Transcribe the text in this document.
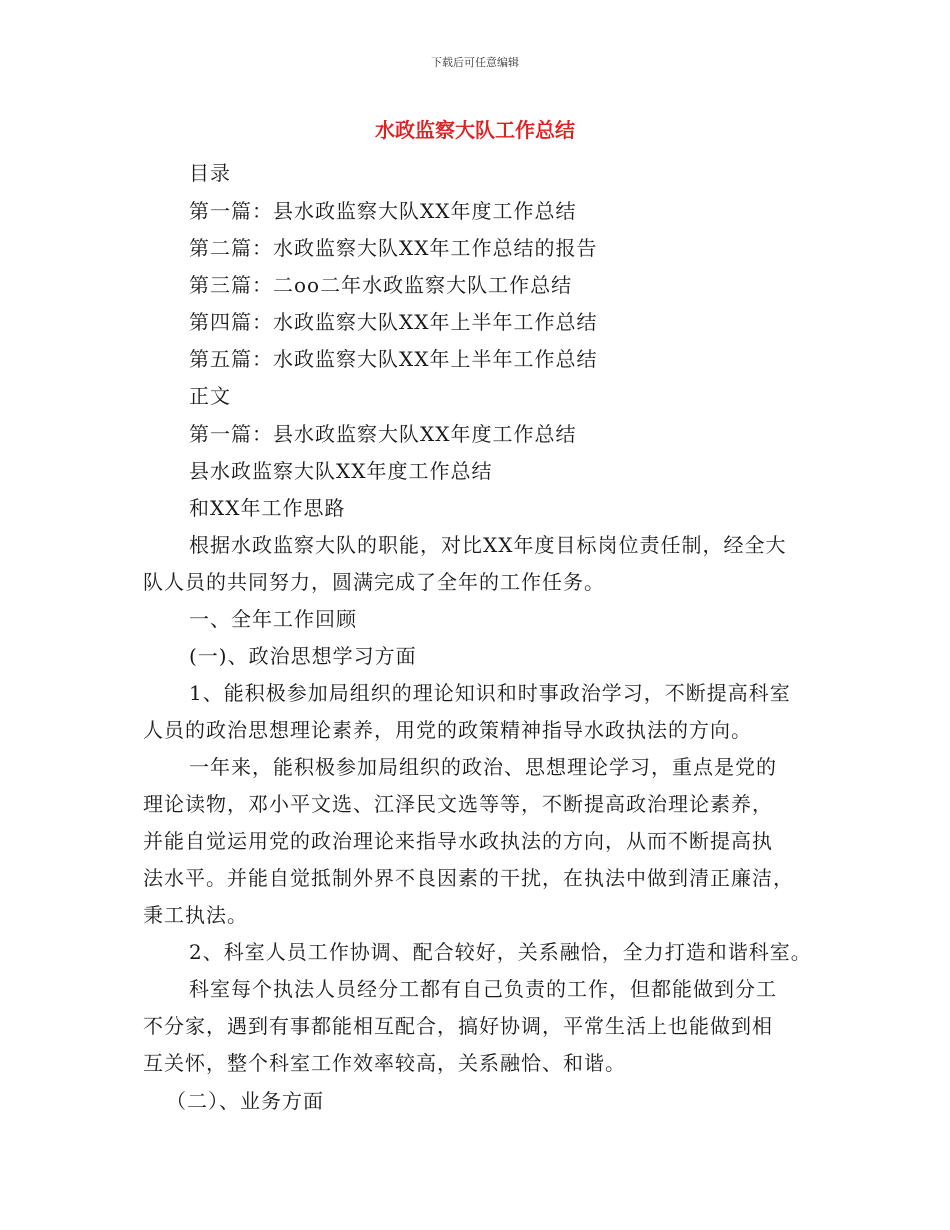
下载后可任意编辑
水政监察大队工作总结
目录
第一篇：县水政监察大队XX年度工作总结
第二篇：水政监察大队XX年工作总结的报告
第三篇：二oo二年水政监察大队工作总结
第四篇：水政监察大队XX年上半年工作总结
第五篇：水政监察大队XX年上半年工作总结
正文
第一篇：县水政监察大队XX年度工作总结
县水政监察大队XX年度工作总结
和XX年工作思路
根据水政监察大队的职能，对比XX年度目标岗位责任制，经全大
队人员的共同努力，圆满完成了全年的工作任务。
一、全年工作回顾
(一)、政治思想学习方面
1、能积极参加局组织的理论知识和时事政治学习，不断提高科室
人员的政治思想理论素养，用党的政策精神指导水政执法的方向。
一年来，能积极参加局组织的政治、思想理论学习，重点是党的
理论读物，邓小平文选、江泽民文选等等，不断提高政治理论素养，
并能自觉运用党的政治理论来指导水政执法的方向，从而不断提高执
法水平。并能自觉抵制外界不良因素的干扰，在执法中做到清正廉洁，
秉工执法。
2、科室人员工作协调、配合较好，关系融恰，全力打造和谐科室。
科室每个执法人员经分工都有自己负责的工作，但都能做到分工
不分家，遇到有事都能相互配合，搞好协调，平常生活上也能做到相
互关怀，整个科室工作效率较高，关系融恰、和谐。
（二）、业务方面
